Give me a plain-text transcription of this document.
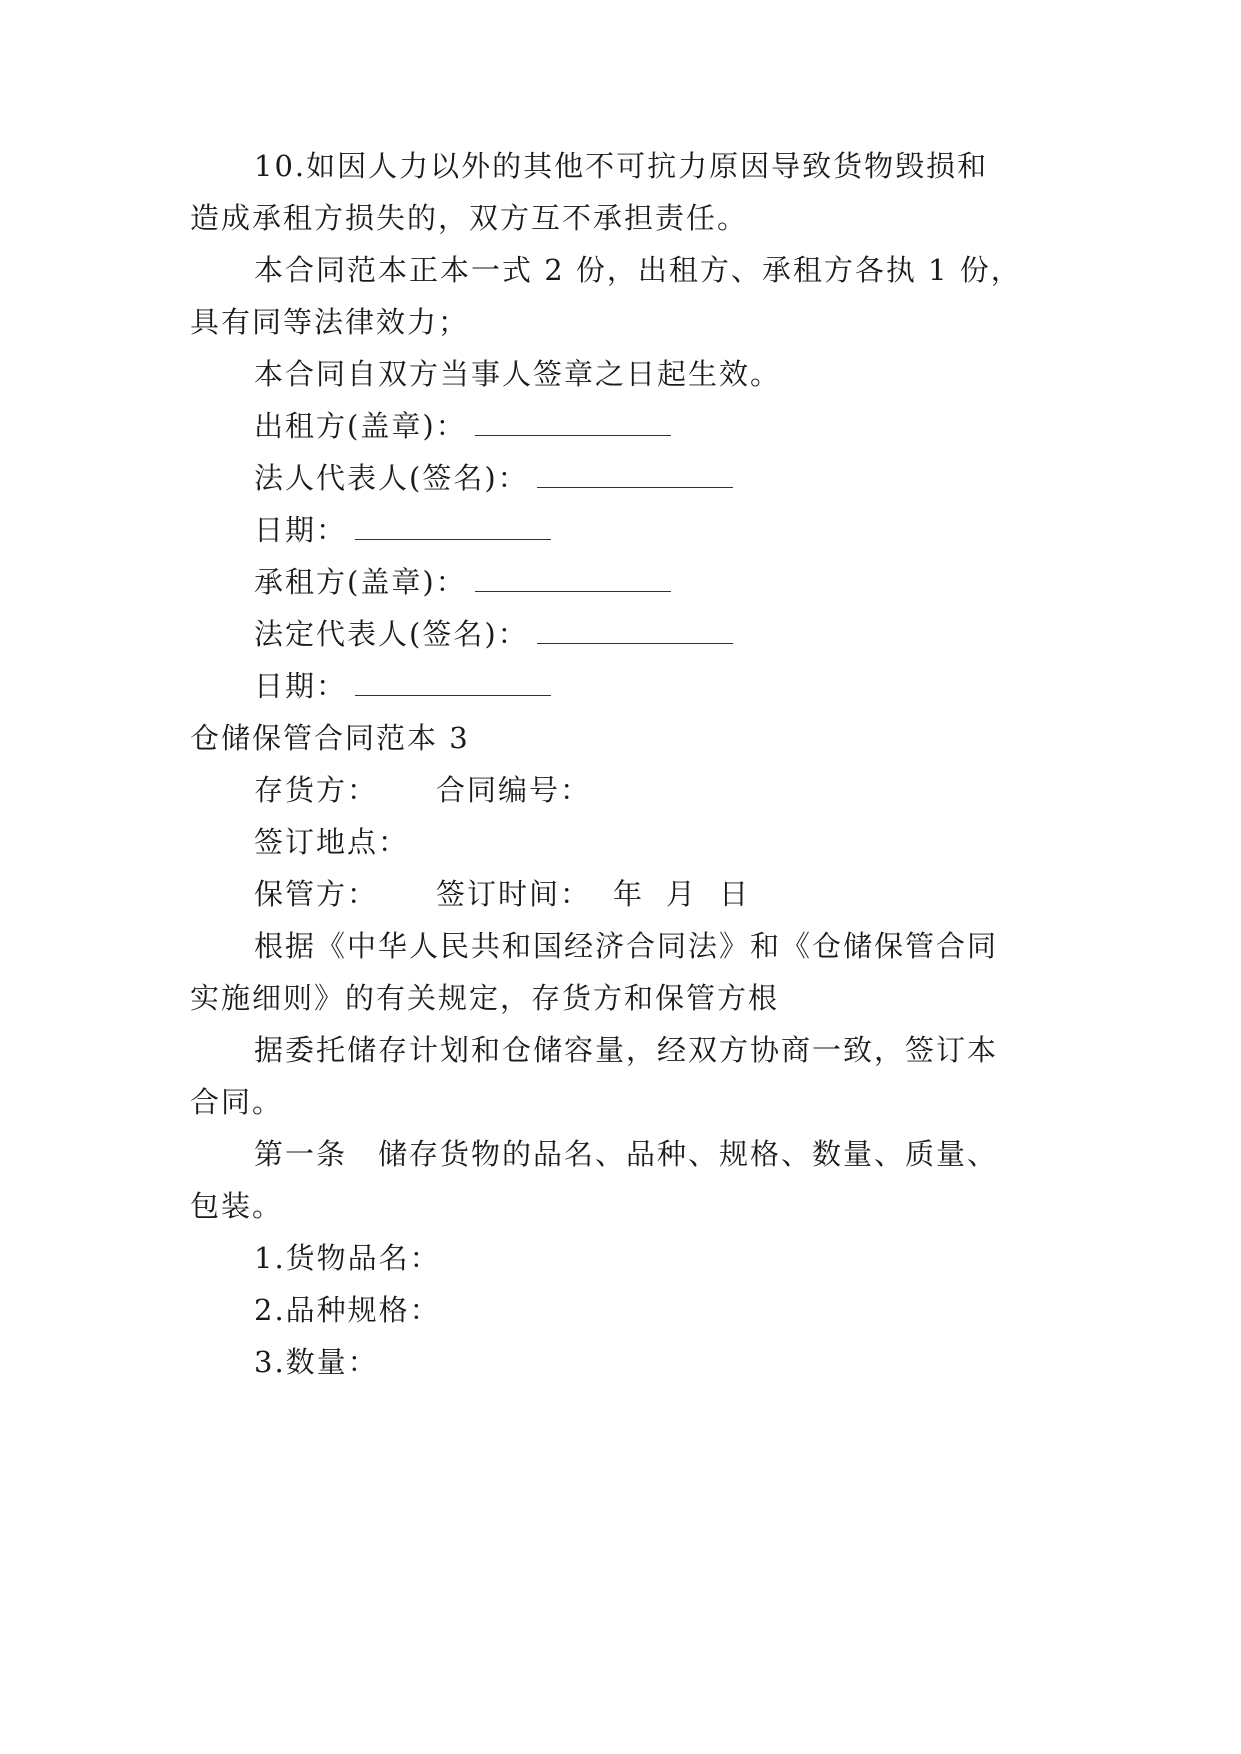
10.如因人力以外的其他不可抗力原因导致货物毁损和
造成承租方损失的，双方互不承担责任。
本合同范本正本一式 2 份，出租方、承租方各执 1 份，
具有同等法律效力；
本合同自双方当事人签章之日起生效。
出租方(盖章)：
法人代表人(签名)：
日期：
承租方(盖章)：
法定代表人(签名)：
日期：
仓储保管合同范本 3
存货方： 合同编号：
签订地点：
保管方： 签订时间： 年 月 日
根据《中华人民共和国经济合同法》和《仓储保管合同
实施细则》的有关规定，存货方和保管方根
据委托储存计划和仓储容量，经双方协商一致，签订本
合同。
第一条　储存货物的品名、品种、规格、数量、质量、
包装。
1.货物品名：
2.品种规格：
3.数量：
